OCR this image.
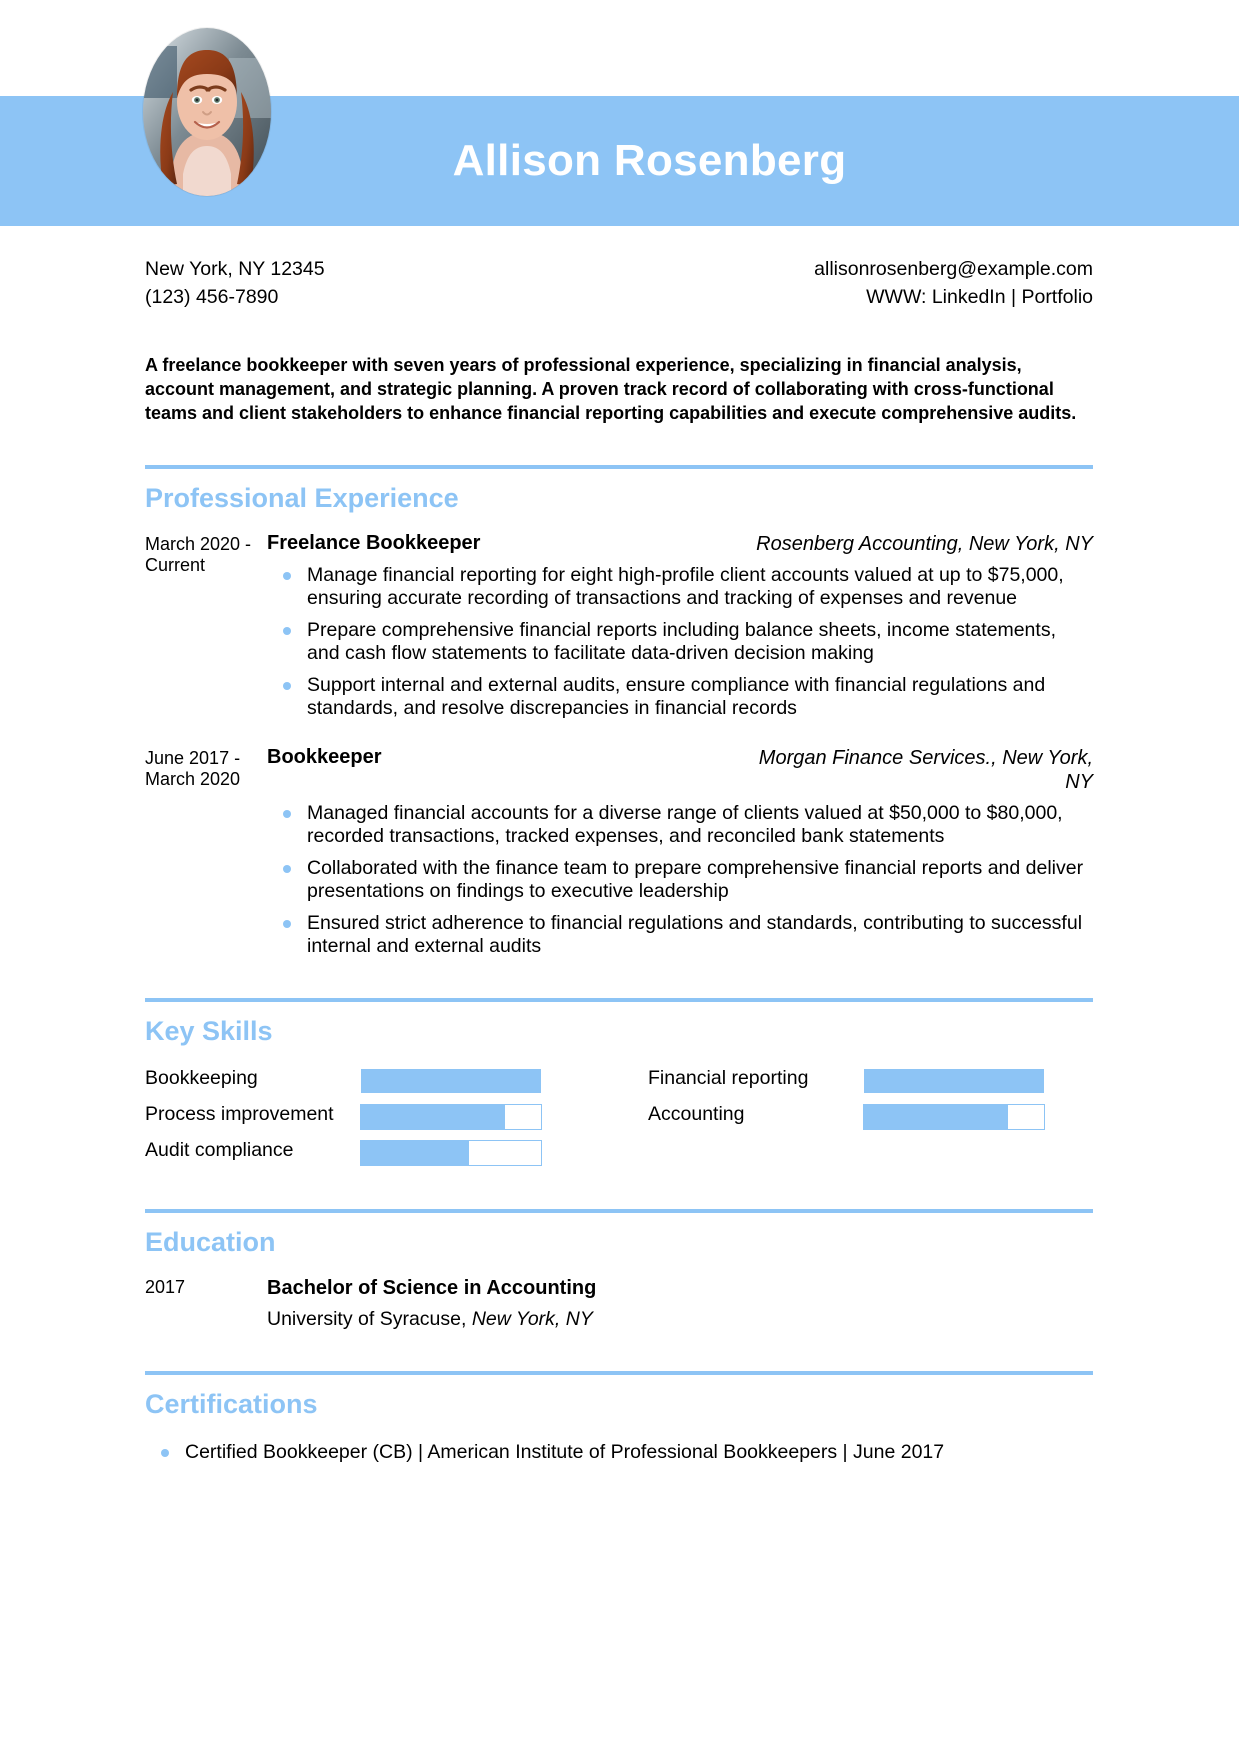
Allison Rosenberg
New York, NY 12345
(123) 456-7890
allisonrosenberg@example.com
WWW: LinkedIn | Portfolio
A freelance bookkeeper with seven years of professional experience, specializing in financial analysis, account management, and strategic planning. A proven track record of collaborating with cross-functional teams and client stakeholders to enhance financial reporting capabilities and execute comprehensive audits.
Professional Experience
March 2020 - Current
Freelance Bookkeeper	Rosenberg Accounting, New York, NY
Manage financial reporting for eight high-profile client accounts valued at up to $75,000, ensuring accurate recording of transactions and tracking of expenses and revenue
Prepare comprehensive financial reports including balance sheets, income statements, and cash flow statements to facilitate data-driven decision making
Support internal and external audits, ensure compliance with financial regulations and standards, and resolve discrepancies in financial records
June 2017 - March 2020
Bookkeeper	Morgan Finance Services., New York, NY
Managed financial accounts for a diverse range of clients valued at $50,000 to $80,000, recorded transactions, tracked expenses, and reconciled bank statements
Collaborated with the finance team to prepare comprehensive financial reports and deliver presentations on findings to executive leadership
Ensured strict adherence to financial regulations and standards, contributing to successful internal and external audits
Key Skills
Bookkeeping	Financial reporting
Process improvement	Accounting
Audit compliance
Education
2017	Bachelor of Science in Accounting
University of Syracuse, New York, NY
Certifications
Certified Bookkeeper (CB) | American Institute of Professional Bookkeepers | June 2017
